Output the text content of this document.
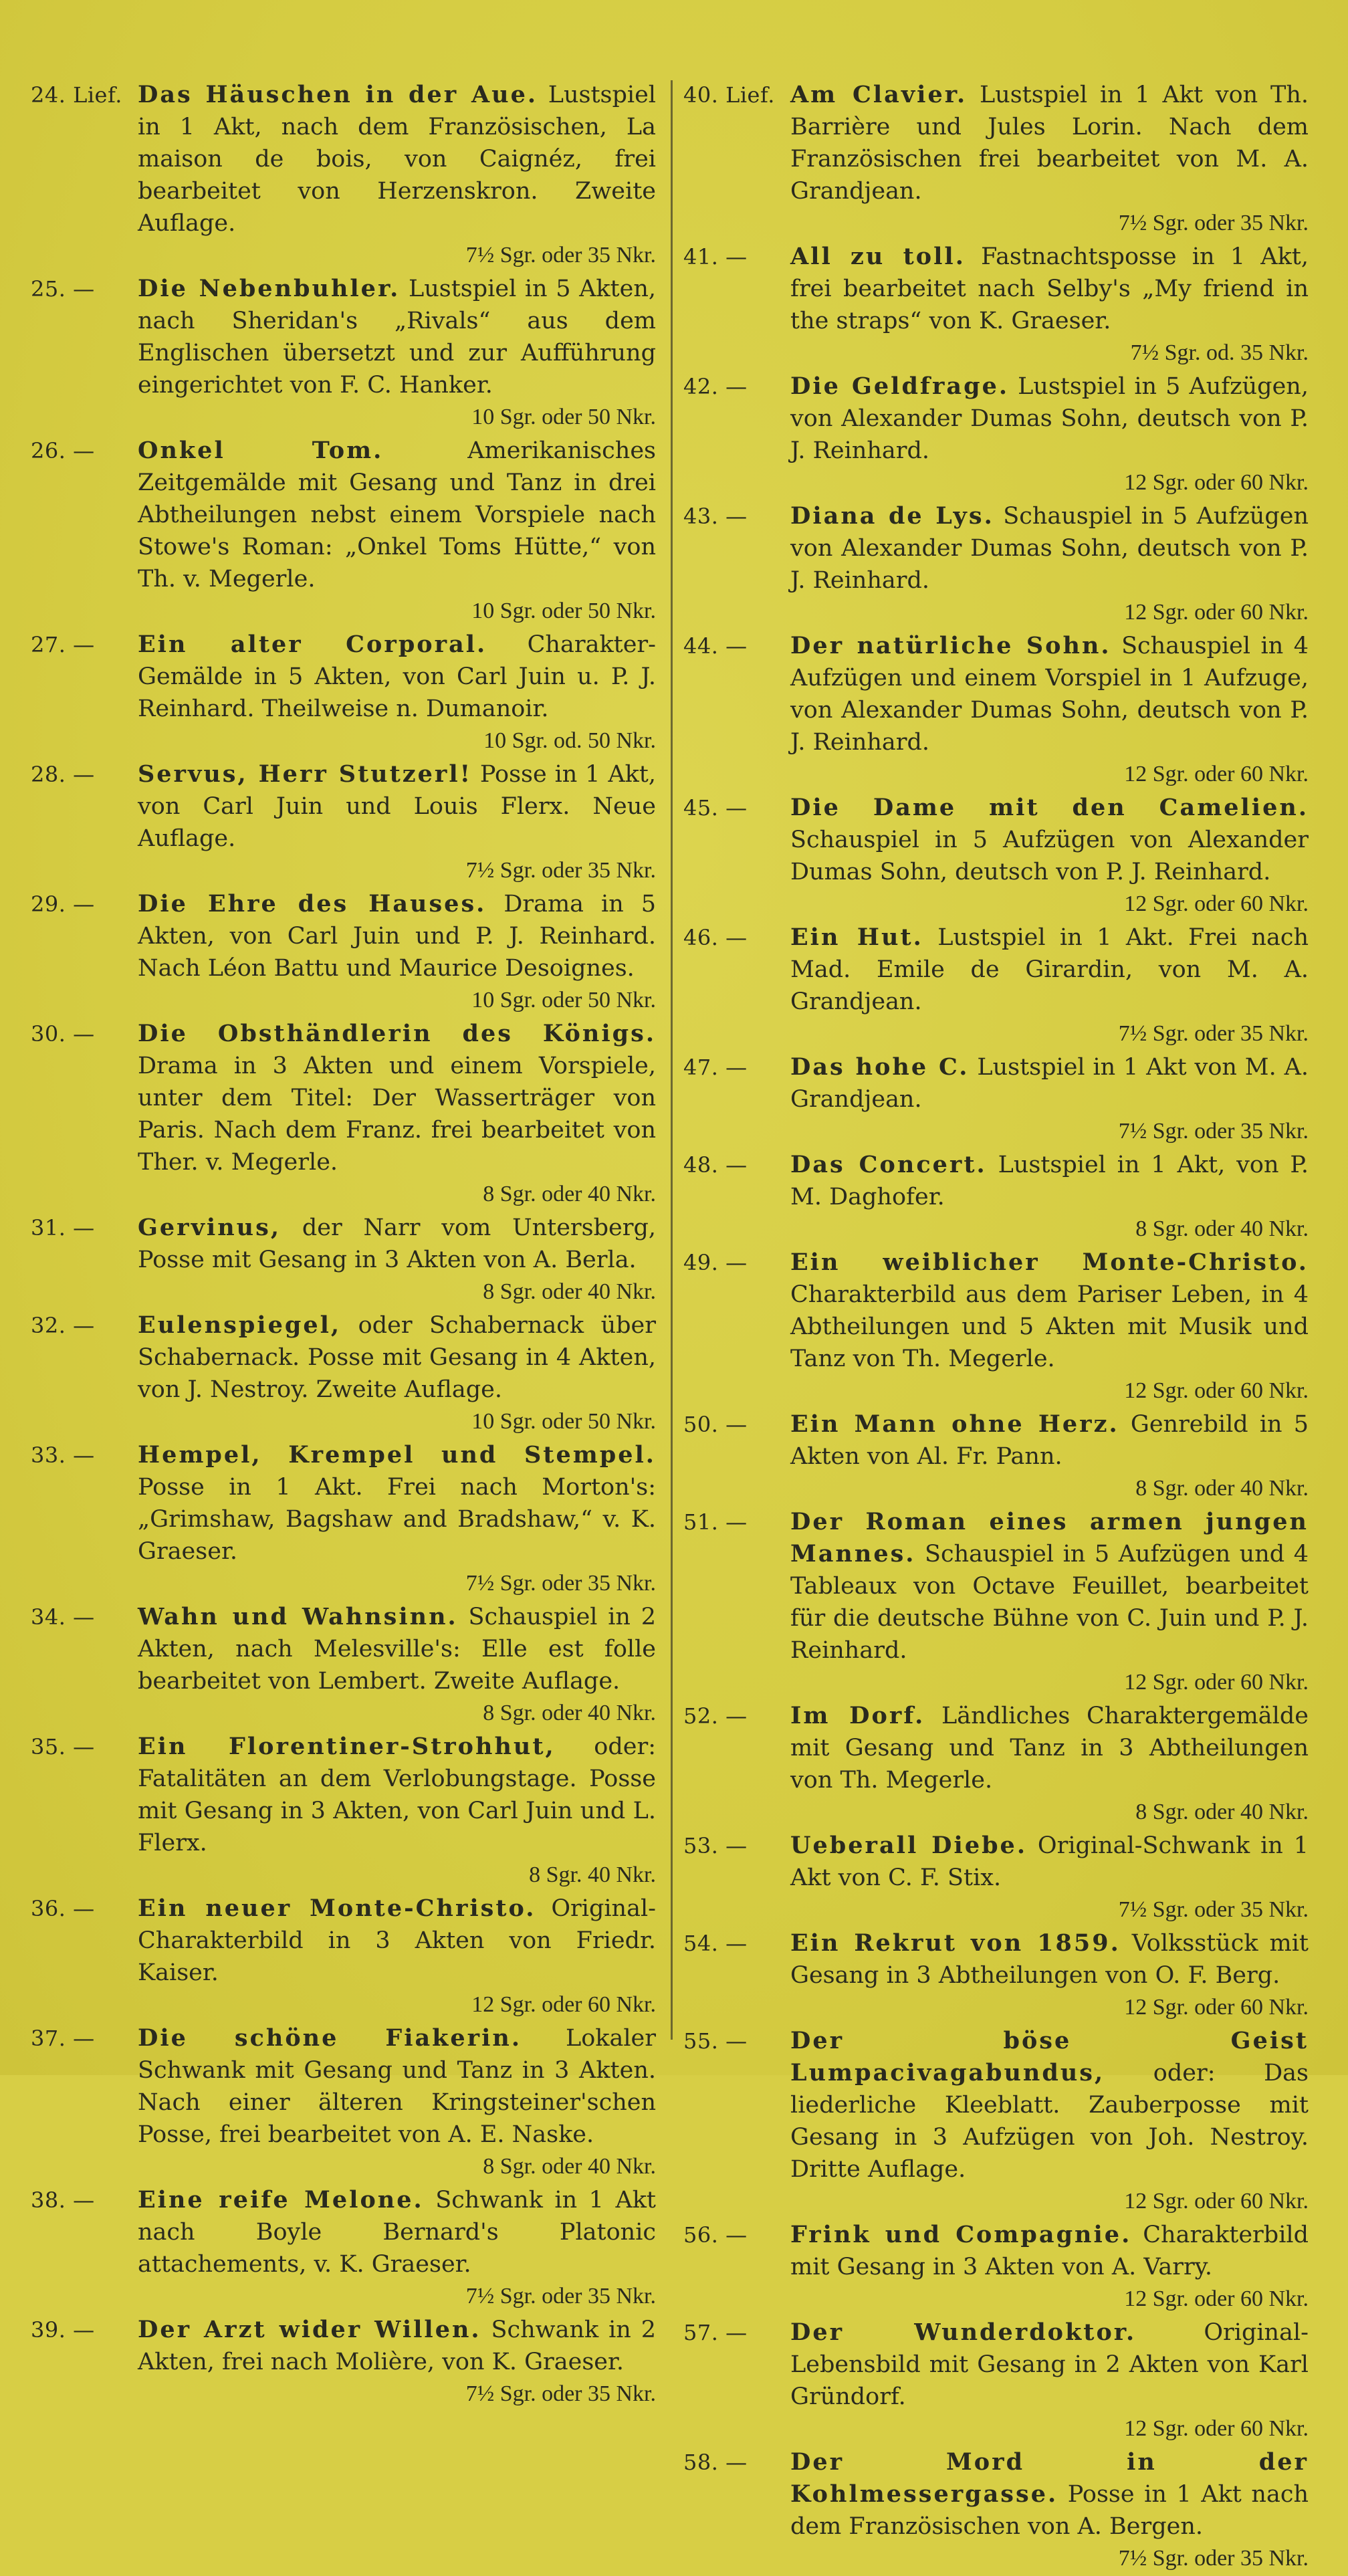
24. Lief. Das Häuschen in der Aue. Lustspiel in 1 Akt, nach dem Französischen, La maison de bois, von Caignéz, frei bearbeitet von Herzenskron. Zweite Auflage.
7½ Sgr. oder 35 Nkr.
25. —	Die Nebenbuhler. Lustspiel in 5 Akten, nach Sheridan's „Rivals“ aus dem Englischen übersetzt und zur Aufführung eingerichtet von F. C. Hanker.
10 Sgr. oder 50 Nkr.
26. —	Onkel Tom.	Amerikanisches Zeitgemälde mit Gesang und Tanz in drei Abtheilungen nebst einem Vorspiele nach Stowe's Roman: „Onkel Toms Hütte,“ von Th. v. Megerle.
10 Sgr. oder 50 Nkr.
27. —	Ein alter Corporal. Charakter-Gemälde in 5 Akten, von Carl Juin u. P. J. Reinhard. Theilweise n. Dumanoir.
10 Sgr. od. 50 Nkr.
28. —	Servus, Herr Stutzerl! Posse in 1 Akt, von Carl Juin und Louis Flerx. Neue Auflage.
7½ Sgr. oder 35 Nkr.
29. —	Die Ehre des Hauses. Drama in 5 Akten, von Carl Juin und P. J. Reinhard. Nach Léon Battu und Maurice Desoignes.
10 Sgr. oder 50 Nkr.
30. —	Die Obsthändlerin des Königs. Drama in 3 Akten und einem Vorspiele, unter dem Titel: Der Wasserträger von Paris. Nach dem Franz. frei bearbeitet von Ther. v. Megerle.
8 Sgr. oder 40 Nkr.
31. —	Gervinus, der Narr vom Untersberg, Posse mit Gesang in 3 Akten von A. Berla.
8 Sgr. oder 40 Nkr.
32. —	Eulenspiegel, oder Schabernack über Schabernack. Posse mit Gesang in 4 Akten, von J. Nestroy. Zweite Auflage.
10 Sgr. oder 50 Nkr.
33. —	Hempel, Krempel und Stempel. Posse in 1 Akt. Frei nach Morton's: „Grimshaw, Bagshaw and Bradshaw,“ v. K. Graeser.
7½ Sgr. oder 35 Nkr.
34. —	Wahn und Wahnsinn. Schauspiel in 2 Akten, nach Melesville's: Elle est folle bearbeitet von Lembert. Zweite Auflage.
8 Sgr. oder 40 Nkr.
35. —	Ein Florentiner-Strohhut, oder: Fatalitäten an dem Verlobungstage. Posse mit Gesang in 3 Akten, von Carl Juin und L. Flerx.
8 Sgr. 40 Nkr.
36. —	Ein neuer Monte-Christo. Original-Charakterbild in 3 Akten von Friedr. Kaiser.
12 Sgr. oder 60 Nkr.
37. —	Die schöne Fiakerin. Lokaler Schwank mit Gesang und Tanz in 3 Akten. Nach einer älteren Kringsteiner'schen Posse, frei bearbeitet von A. E. Naske.
8 Sgr. oder 40 Nkr.
38. —	Eine reife Melone. Schwank in 1 Akt nach Boyle Bernard's Platonic attachements, v. K. Graeser.
7½ Sgr. oder 35 Nkr.
39. —	Der Arzt wider Willen. Schwank in 2 Akten, frei nach Molière, von K. Graeser.
7½ Sgr. oder 35 Nkr.
40. Lief. Am Clavier. Lustspiel in 1 Akt von Th. Barrière und Jules Lorin. Nach dem Französischen frei bearbeitet von M. A. Grandjean.
7½ Sgr. oder 35 Nkr.
41. —	All zu toll. Fastnachtsposse in 1 Akt, frei bearbeitet nach Selby's „My friend in the straps“ von K. Graeser.
7½ Sgr. od. 35 Nkr.
42. —	Die Geldfrage. Lustspiel in 5 Aufzügen, von Alexander Dumas Sohn, deutsch von P. J. Reinhard.
12 Sgr. oder 60 Nkr.
43. —	Diana de Lys. Schauspiel in 5 Aufzügen von Alexander Dumas Sohn, deutsch von P. J. Reinhard.
12 Sgr. oder 60 Nkr.
44. —	Der natürliche Sohn. Schauspiel in 4 Aufzügen und einem Vorspiel in 1 Aufzuge, von Alexander Dumas Sohn, deutsch von P. J. Reinhard.
12 Sgr. oder 60 Nkr.
45. —	Die Dame mit den Camelien. Schauspiel in 5 Aufzügen von Alexander Dumas Sohn, deutsch von P. J. Reinhard.
12 Sgr. oder 60 Nkr.
46. —	Ein Hut. Lustspiel in 1 Akt. Frei nach Mad. Emile de Girardin, von M. A. Grandjean.
7½ Sgr. oder 35 Nkr.
47. —	Das hohe C. Lustspiel in 1 Akt von M. A. Grandjean.
7½ Sgr. oder 35 Nkr.
48. —	Das Concert. Lustspiel in 1 Akt, von P. M. Daghofer.
8 Sgr. oder 40 Nkr.
49. —	Ein weiblicher Monte-Christo. Charakterbild aus dem Pariser Leben, in 4 Abtheilungen und 5 Akten mit Musik und Tanz von Th. Megerle.
12 Sgr. oder 60 Nkr.
50. —	Ein Mann ohne Herz. Genrebild in 5 Akten von Al. Fr. Pann.
8 Sgr. oder 40 Nkr.
51. —	Der Roman eines armen jungen Mannes. Schauspiel in 5 Aufzügen und 4 Tableaux von Octave Feuillet, bearbeitet für die deutsche Bühne von C. Juin und P. J. Reinhard.
12 Sgr. oder 60 Nkr.
52. —	Im Dorf. Ländliches Charaktergemälde mit Gesang und Tanz in 3 Abtheilungen von Th. Megerle.
8 Sgr. oder 40 Nkr.
53. —	Ueberall Diebe. Original-Schwank in 1 Akt von C. F. Stix.
7½ Sgr. oder 35 Nkr.
54. —	Ein Rekrut von 1859. Volksstück mit Gesang in 3 Abtheilungen von O. F. Berg.
12 Sgr. oder 60 Nkr.
55. —	Der böse Geist Lumpacivagabundus, oder: Das liederliche Kleeblatt. Zauberposse mit Gesang in 3 Aufzügen von Joh. Nestroy. Dritte Auflage.
12 Sgr. oder 60 Nkr.
56. —	Frink und Compagnie. Charakterbild mit Gesang in 3 Akten von A. Varry.
12 Sgr. oder 60 Nkr.
57. —	Der Wunderdoktor.	Original-Lebensbild mit Gesang in 2 Akten von Karl Gründorf.
12 Sgr. oder 60 Nkr.
58. —	Der Mord in der Kohlmessergasse. Posse in 1 Akt nach dem Französischen von A. Bergen.
7½ Sgr. oder 35 Nkr.
